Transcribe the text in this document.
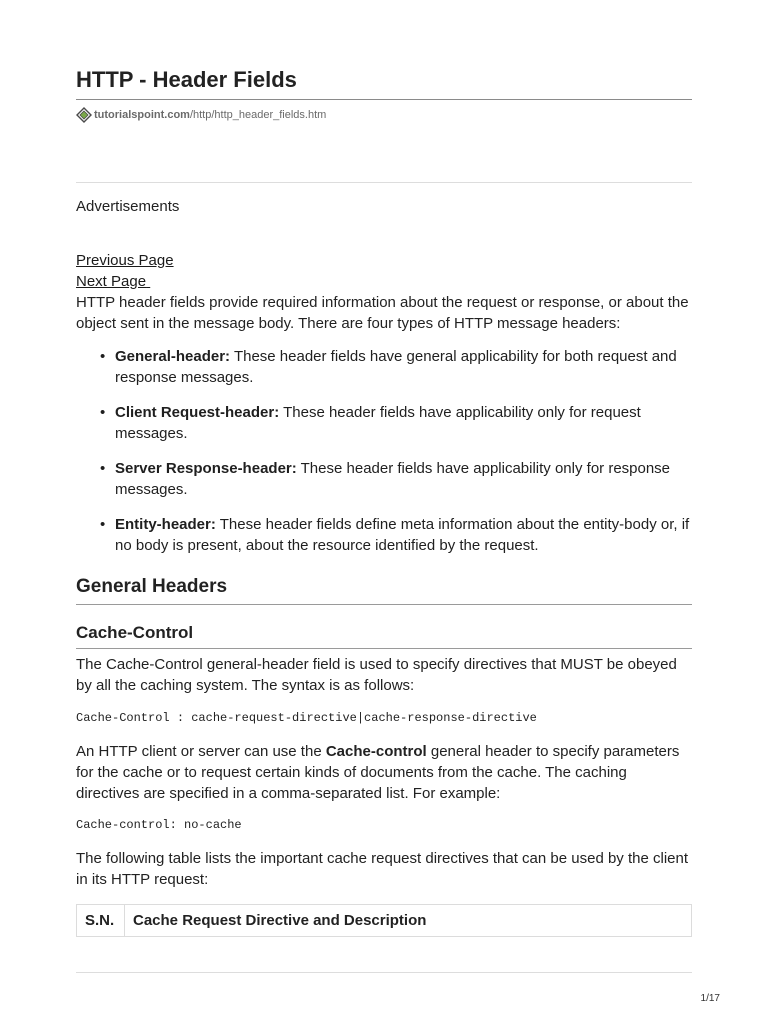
HTTP - Header Fields
tutorialspoint.com /http/http_header_fields.htm
Advertisements
Previous Page
Next Page
HTTP header fields provide required information about the request or response, or about the object sent in the message body. There are four types of HTTP message headers:
• General-header: These header fields have general applicability for both request and response messages.
• Client Request-header: These header fields have applicability only for request messages.
• Server Response-header: These header fields have applicability only for response messages.
• Entity-header: These header fields define meta information about the entity-body or, if no body is present, about the resource identified by the request.
General Headers
Cache-Control
The Cache-Control general-header field is used to specify directives that MUST be obeyed by all the caching system. The syntax is as follows:
Cache-Control : cache-request-directive|cache-response-directive
An HTTP client or server can use the Cache-control general header to specify parameters for the cache or to request certain kinds of documents from the cache. The caching directives are specified in a comma-separated list. For example:
Cache-control: no-cache
The following table lists the important cache request directives that can be used by the client in its HTTP request:
S.N.	Cache Request Directive and Description
1/17
